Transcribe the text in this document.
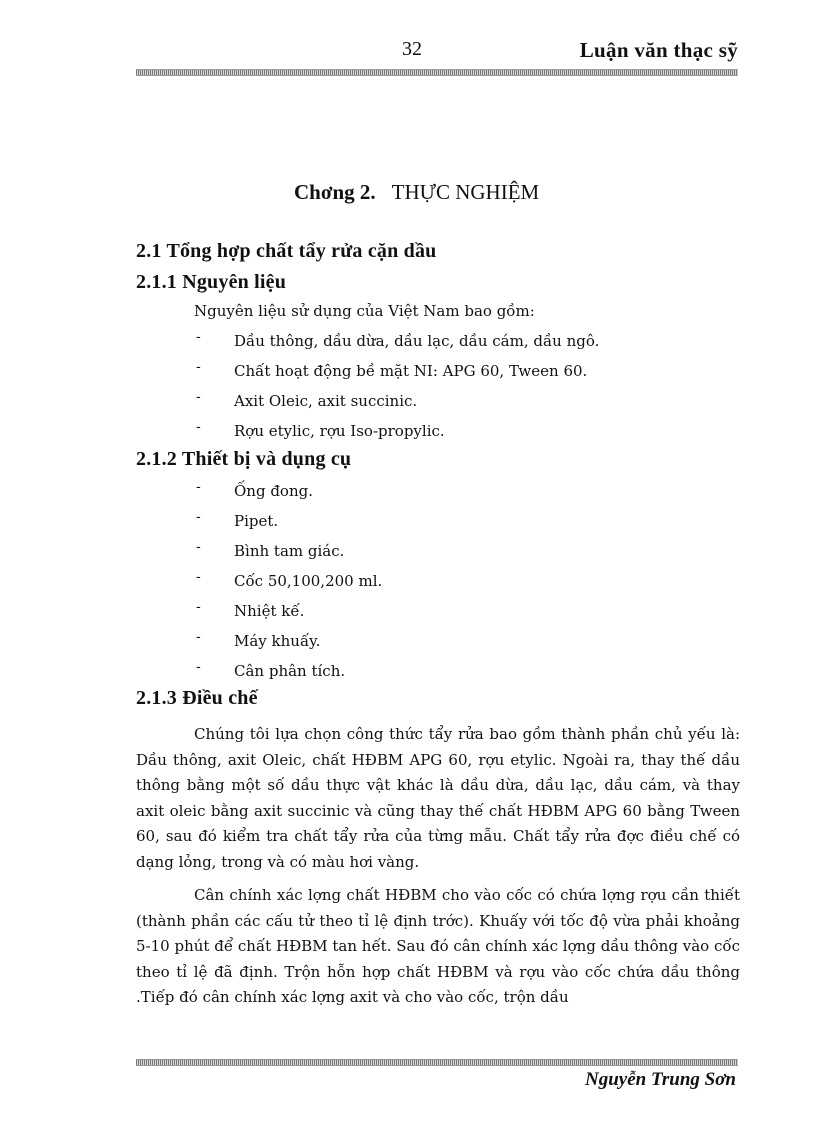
32	Luận văn thạc sỹ
Chơng 2. THỰC NGHIỆM
2.1 Tổng hợp chất tẩy rửa cặn dầu
2.1.1 Nguyên liệu
Nguyên liệu sử dụng của Việt Nam bao gồm:
- Dầu thông, dầu dừa, dầu lạc, dầu cám, dầu ngô.
- Chất hoạt động bề mặt NI: APG 60, Tween 60.
- Axit Oleic, axit succinic.
- Rợu etylic, rợu Iso-propylic.
2.1.2 Thiết bị và dụng cụ
- Ống đong.
- Pipet.
- Bình tam giác.
- Cốc 50,100,200 ml.
- Nhiệt kế.
- Máy khuấy.
- Cân phân tích.
2.1.3 Điều chế

Chúng tôi lựa chọn công thức tẩy rửa bao gồm thành phần chủ yếu là: Dầu thông, axit Oleic, chất HĐBM APG 60, rợu etylic. Ngoài ra, thay thế dầu thông bằng một số dầu thực vật khác là dầu dừa, dầu lạc, dầu cám, và thay axit oleic bằng axit succinic và cũng thay thế chất HĐBM APG 60 bằng Tween 60, sau đó kiểm tra chất tẩy rửa của từng mẫu. Chất tẩy rửa đợc điều chế có dạng lỏng, trong và có màu hơi vàng.

Cân chính xác lợng chất HĐBM cho vào cốc có chứa lợng rợu cần thiết (thành phần các cấu tử theo tỉ lệ định trớc). Khuấy với tốc độ vừa phải khoảng 5-10 phút để chất HĐBM tan hết. Sau đó cân chính xác lợng dầu thông vào cốc theo tỉ lệ đã định. Trộn hỗn hợp chất HĐBM và rợu vào cốc chứa dầu thông .Tiếp đó cân chính xác lợng axit và cho vào cốc, trộn dầu

Nguyễn Trung Sơn
